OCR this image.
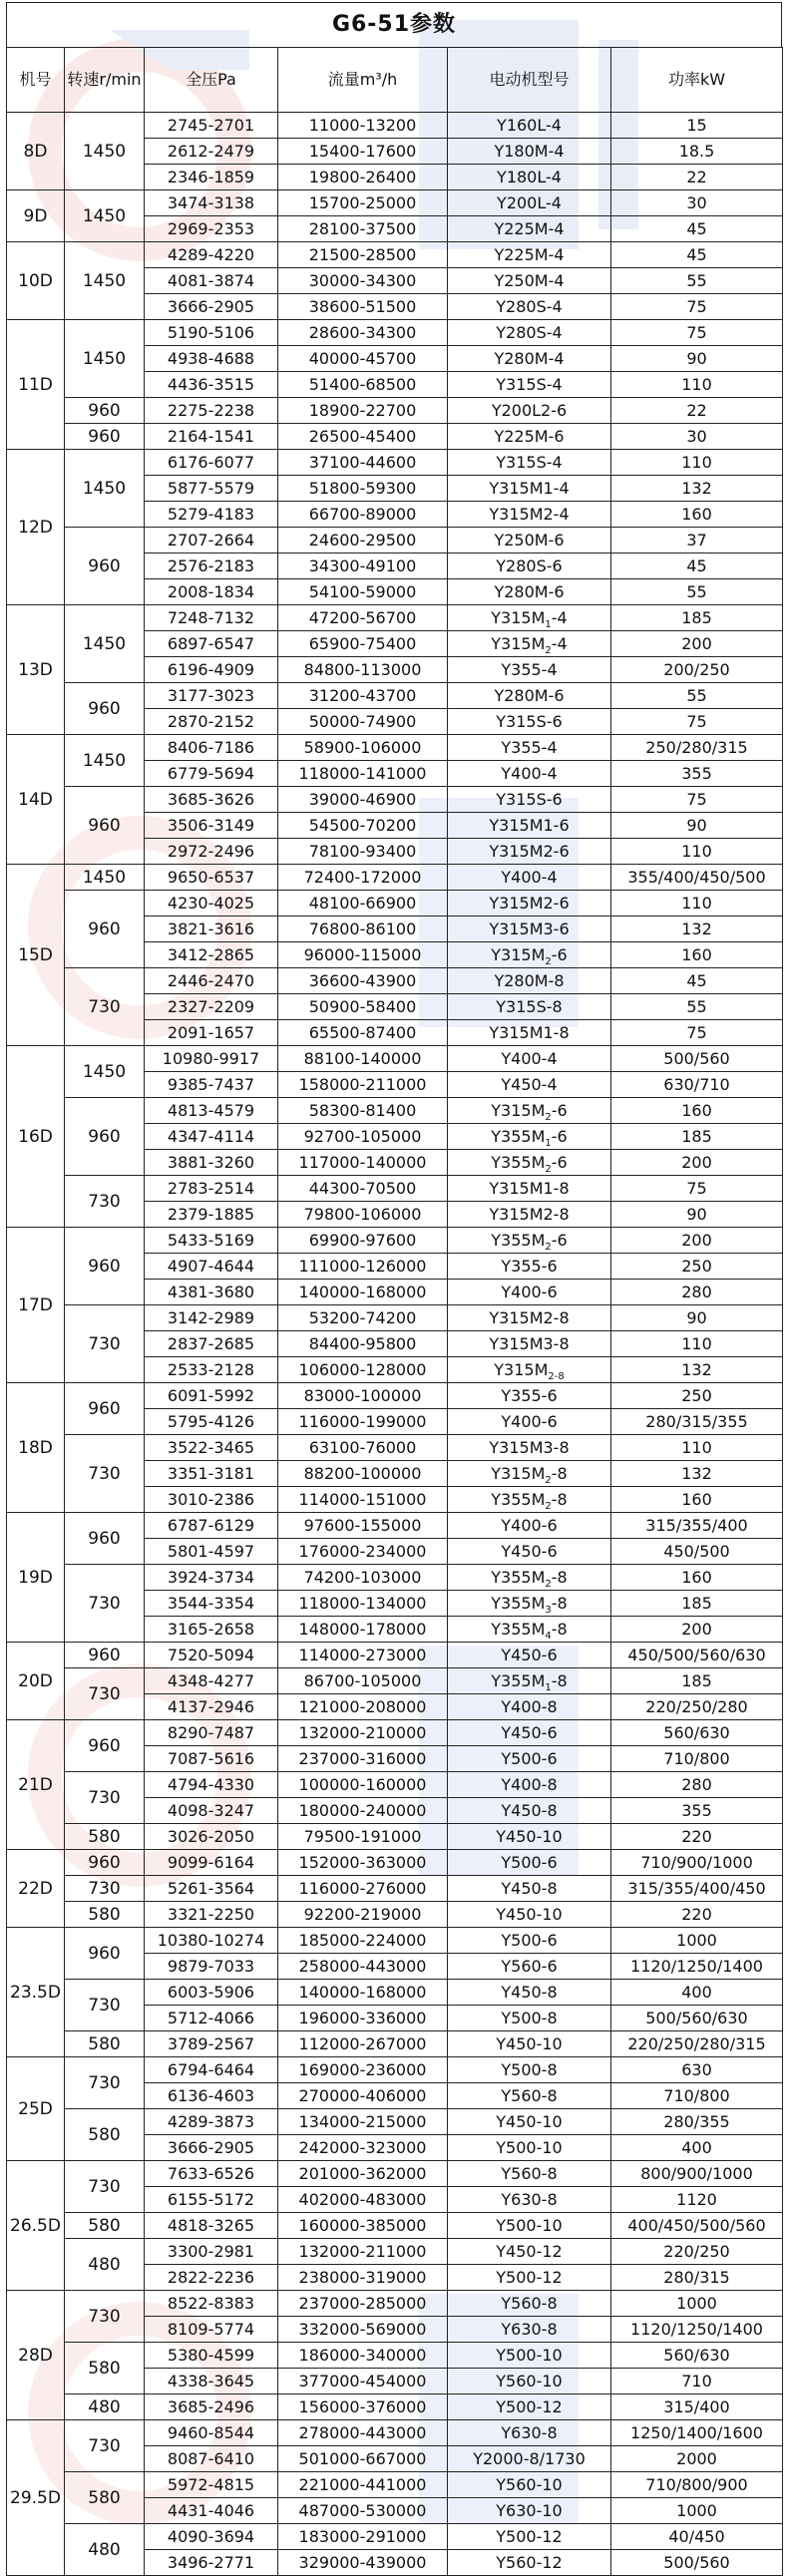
G6-51参数
机号	转速r/min	全压Pa	流量m³/h	电动机型号	功率kW
8D	1450	2745-2701	11000-13200	Y160L-4	15
		2612-2479	15400-17600	Y180M-4	18.5
		2346-1859	19800-26400	Y180L-4	22
9D	1450	3474-3138	15700-25000	Y200L-4	30
		2969-2353	28100-37500	Y225M-4	45
10D	1450	4289-4220	21500-28500	Y225M-4	45
		4081-3874	30000-34300	Y250M-4	55
		3666-2905	38600-51500	Y280S-4	75
11D	1450	5190-5106	28600-34300	Y280S-4	75
		4938-4688	40000-45700	Y280M-4	90
		4436-3515	51400-68500	Y315S-4	110
	960	2275-2238	18900-22700	Y200L2-6	22
	960	2164-1541	26500-45400	Y225M-6	30
12D	1450	6176-6077	37100-44600	Y315S-4	110
		5877-5579	51800-59300	Y315M1-4	132
		5279-4183	66700-89000	Y315M2-4	160
	960	2707-2664	24600-29500	Y250M-6	37
		2576-2183	34300-49100	Y280S-6	45
		2008-1834	54100-59000	Y280M-6	55
13D	1450	7248-7132	47200-56700	$Y315M_1-4$	185
		6897-6547	65900-75400	$Y315M_2-4$	200
		6196-4909	84800-113000	Y355-4	200/250
	960	3177-3023	31200-43700	Y280M-6	55
		2870-2152	50000-74900	Y315S-6	75
14D	1450	8406-7186	58900-106000	Y355-4	250/280/315
		6779-5694	118000-141000	Y400-4	355
	960	3685-3626	39000-46900	Y315S-6	75
		3506-3149	54500-70200	Y315M1-6	90
		2972-2496	78100-93400	Y315M2-6	110
15D	1450	9650-6537	72400-172000	Y400-4	355/400/450/500
	960	4230-4025	48100-66900	Y315M2-6	110
		3821-3616	76800-86100	Y315M3-6	132
		3412-2865	96000-115000	$Y315M_2-6$	160
	730	2446-2470	36600-43900	Y280M-8	45
		2327-2209	50900-58400	Y315S-8	55
		2091-1657	65500-87400	Y315M1-8	75
16D	1450	10980-9917	88100-140000	Y400-4	500/560
		9385-7437	158000-211000	Y450-4	630/710
	960	4813-4579	58300-81400	$Y315M_2-6$	160
		4347-4114	92700-105000	$Y355M_1-6$	185
		3881-3260	117000-140000	$Y355M_2-6$	200
	730	2783-2514	44300-70500	Y315M1-8	75
		2379-1885	79800-106000	Y315M2-8	90
17D	960	5433-5169	69900-97600	$Y355M_2-6$	200
		4907-4644	111000-126000	Y355-6	250
		4381-3680	140000-168000	Y400-6	280
	730	3142-2989	53200-74200	Y315M2-8	90
		2837-2685	84400-95800	Y315M3-8	110
		2533-2128	106000-128000	$Y315M_{2-8}$	132
18D	960	6091-5992	83000-100000	Y355-6	250
		5795-4126	116000-199000	Y400-6	280/315/355
	730	3522-3465	63100-76000	Y315M3-8	110
		3351-3181	88200-100000	$Y315M_2-8$	132
		3010-2386	114000-151000	$Y355M_2-8$	160
19D	960	6787-6129	97600-155000	Y400-6	315/355/400
		5801-4597	176000-234000	Y450-6	450/500
	730	3924-3734	74200-103000	$Y355M_2-8$	160
		3544-3354	118000-134000	$Y355M_3-8$	185
		3165-2658	148000-178000	$Y355M_4-8$	200
20D	960	7520-5094	114000-273000	Y450-6	450/500/560/630
	730	4348-4277	86700-105000	$Y355M_1-8$	185
		4137-2946	121000-208000	Y400-8	220/250/280
21D	960	8290-7487	132000-210000	Y450-6	560/630
		7087-5616	237000-316000	Y500-6	710/800
	730	4794-4330	100000-160000	Y400-8	280
		4098-3247	180000-240000	Y450-8	355
	580	3026-2050	79500-191000	Y450-10	220
22D	960	9099-6164	152000-363000	Y500-6	710/900/1000
	730	5261-3564	116000-276000	Y450-8	315/355/400/450
	580	3321-2250	92200-219000	Y450-10	220
23.5D	960	10380-10274	185000-224000	Y500-6	1000
		9879-7033	258000-443000	Y560-6	1120/1250/1400
	730	6003-5906	140000-168000	Y450-8	400
		5712-4066	196000-336000	Y500-8	500/560/630
	580	3789-2567	112000-267000	Y450-10	220/250/280/315
25D	730	6794-6464	169000-236000	Y500-8	630
		6136-4603	270000-406000	Y560-8	710/800
	580	4289-3873	134000-215000	Y450-10	280/355
		3666-2905	242000-323000	Y500-10	400
26.5D	730	7633-6526	201000-362000	Y560-8	800/900/1000
		6155-5172	402000-483000	Y630-8	1120
	580	4818-3265	160000-385000	Y500-10	400/450/500/560
	480	3300-2981	132000-211000	Y450-12	220/250
		2822-2236	238000-319000	Y500-12	280/315
28D	730	8522-8383	237000-285000	Y560-8	1000
		8109-5774	332000-569000	Y630-8	1120/1250/1400
	580	5380-4599	186000-340000	Y500-10	560/630
		4338-3645	377000-454000	Y560-10	710
	480	3685-2496	156000-376000	Y500-12	315/400
29.5D	730	9460-8544	278000-443000	Y630-8	1250/1400/1600
		8087-6410	501000-667000	Y2000-8/1730	2000
	580	5972-4815	221000-441000	Y560-10	710/800/900
		4431-4046	487000-530000	Y630-10	1000
	480	4090-3694	183000-291000	Y500-12	40/450
		3496-2771	329000-439000	Y560-12	500/560
